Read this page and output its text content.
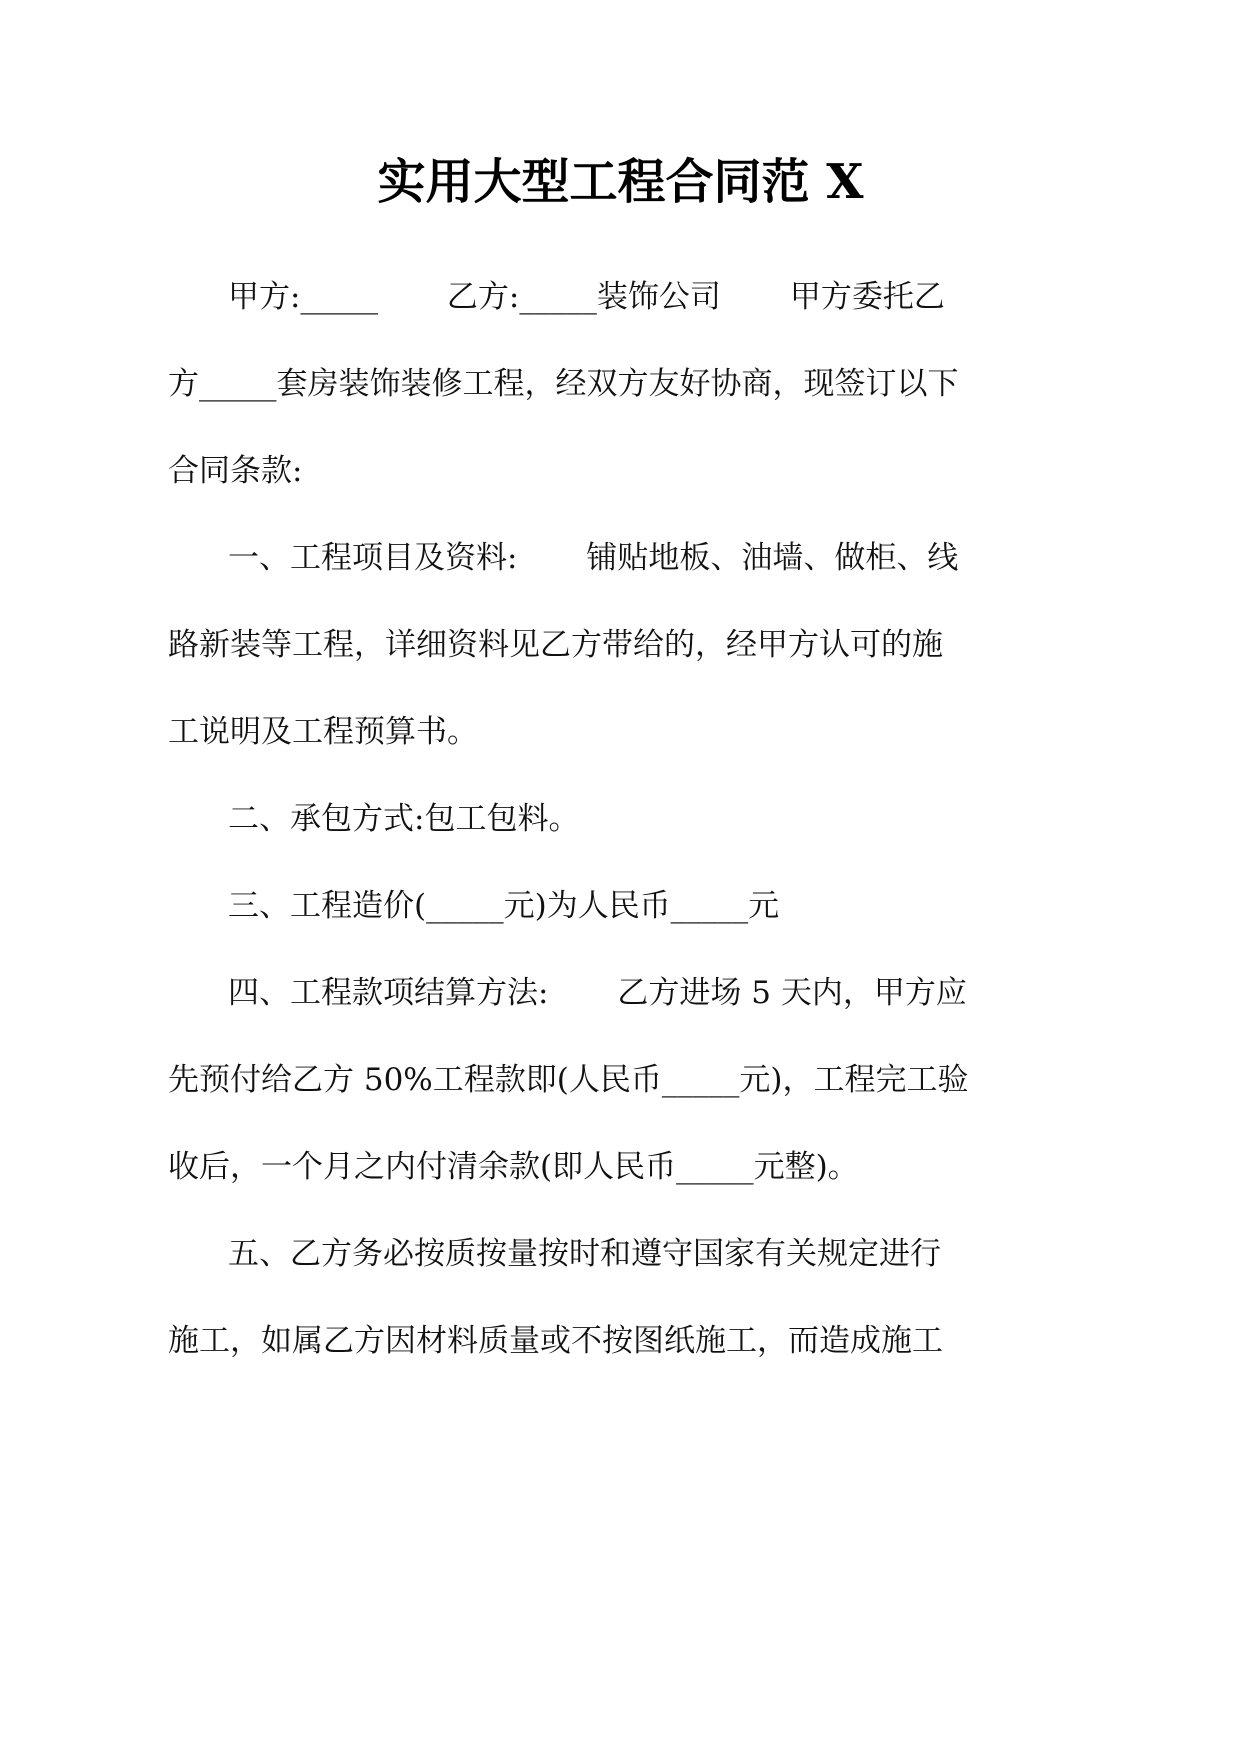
实用大型工程合同范 X

甲方:_____       乙方:_____装饰公司       甲方委托乙

方_____套房装饰装修工程，经双方友好协商，现签订以下

合同条款:

一、工程项目及资料:       铺贴地板、油墙、做柜、线

路新装等工程，详细资料见乙方带给的，经甲方认可的施

工说明及工程预算书。

二、承包方式:包工包料。

三、工程造价(_____元)为人民币_____元

四、工程款项结算方法:       乙方进场 5 天内，甲方应

先预付给乙方 50%工程款即(人民币_____元)，工程完工验

收后，一个月之内付清余款(即人民币_____元整)。

五、乙方务必按质按量按时和遵守国家有关规定进行

施工，如属乙方因材料质量或不按图纸施工，而造成施工
